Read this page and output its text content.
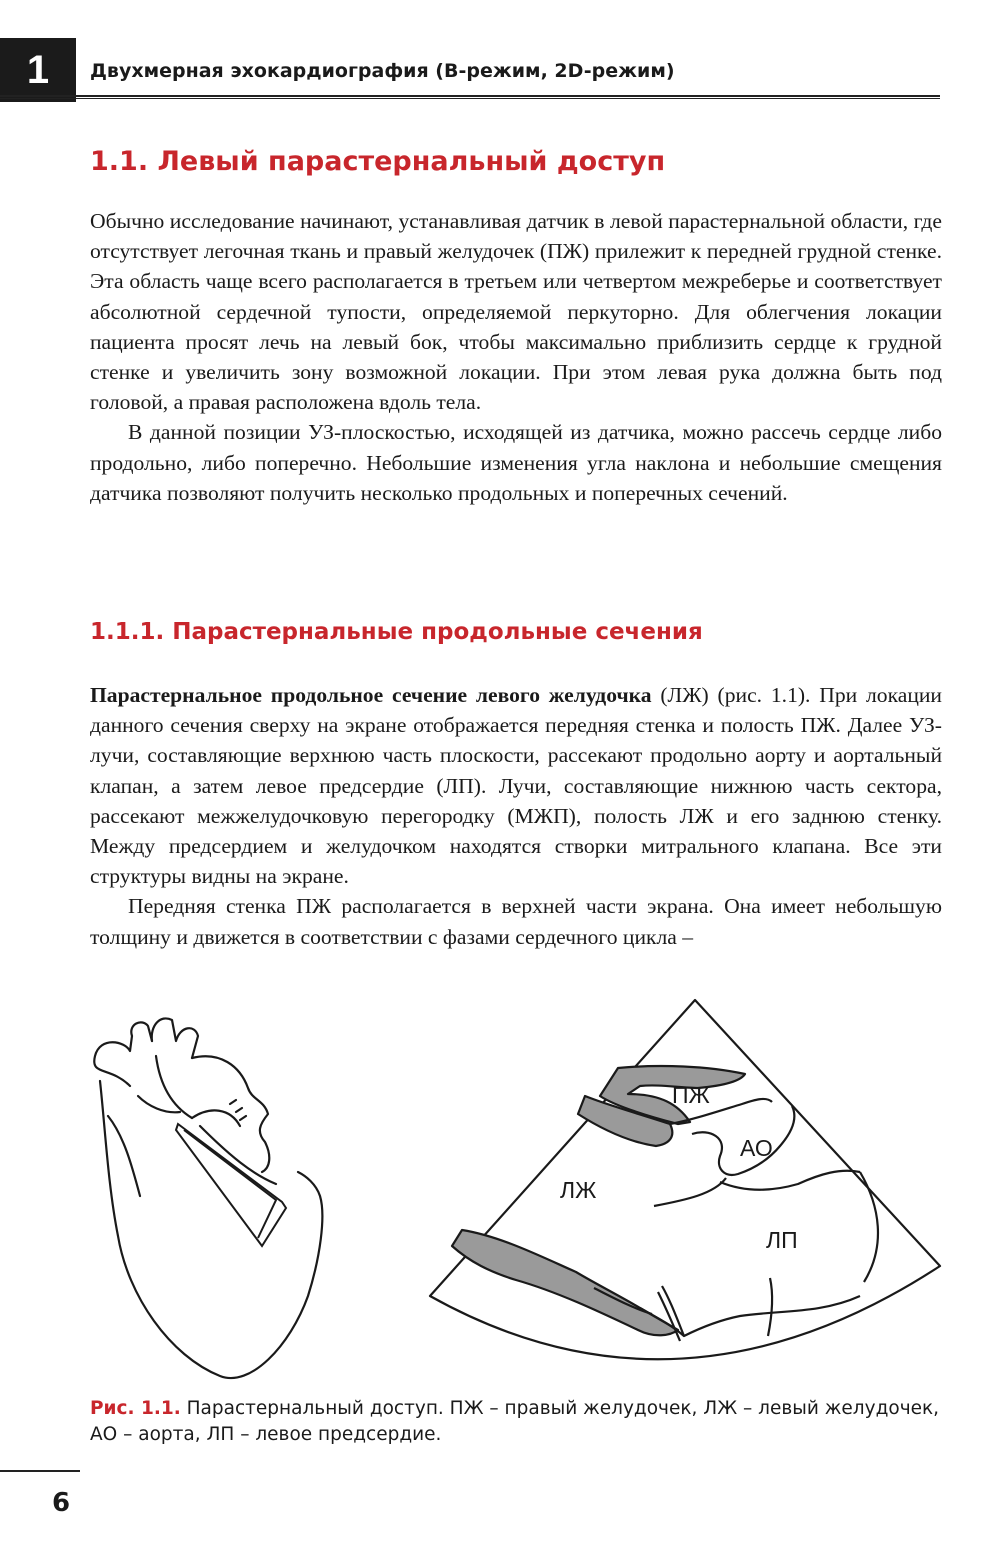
1 Двухмерная эхокардиография (В-режим, 2D-режим)
1.1. Левый парастернальный доступ

Обычно исследование начинают, устанавливая датчик в левой парастернальной области, где отсутствует легочная ткань и правый желудочек (ПЖ) прилежит к передней грудной стенке. Эта область чаще всего располагается в третьем или четвертом межреберье и соответствует абсолютной сердечной тупости, определяемой перкуторно. Для облегчения локации пациента просят лечь на левый бок, чтобы максимально приблизить сердце к грудной стенке и увеличить зону возможной локации. При этом левая рука должна быть под головой, а правая расположена вдоль тела.

В данной позиции УЗ-плоскостью, исходящей из датчика, можно рассечь сердце либо продольно, либо поперечно. Небольшие изменения угла наклона и небольшие смещения датчика позволяют получить несколько продольных и поперечных сечений.

1.1.1. Парастернальные продольные сечения

Парастернальное продольное сечение левого желудочка (ЛЖ) (рис. 1.1). При локации данного сечения сверху на экране отображается передняя стенка и полость ПЖ. Далее УЗ-лучи, составляющие верхнюю часть плоскости, рассекают продольно аорту и аортальный клапан, а затем левое предсердие (ЛП). Лучи, составляющие нижнюю часть сектора, рассекают межжелудочковую перегородку (МЖП), полость ЛЖ и его заднюю стенку. Между предсердием и желудочком находятся створки митрального клапана. Все эти структуры видны на экране.

Передняя стенка ПЖ располагается в верхней части экрана. Она имеет небольшую толщину и движется в соответствии с фазами сердечного цикла –

ПЖ
АО
ЛЖ
ЛП
Рис. 1.1. Парастернальный доступ. ПЖ – правый желудочек, ЛЖ – левый желудочек, АО – аорта, ЛП – левое предсердие.
6
